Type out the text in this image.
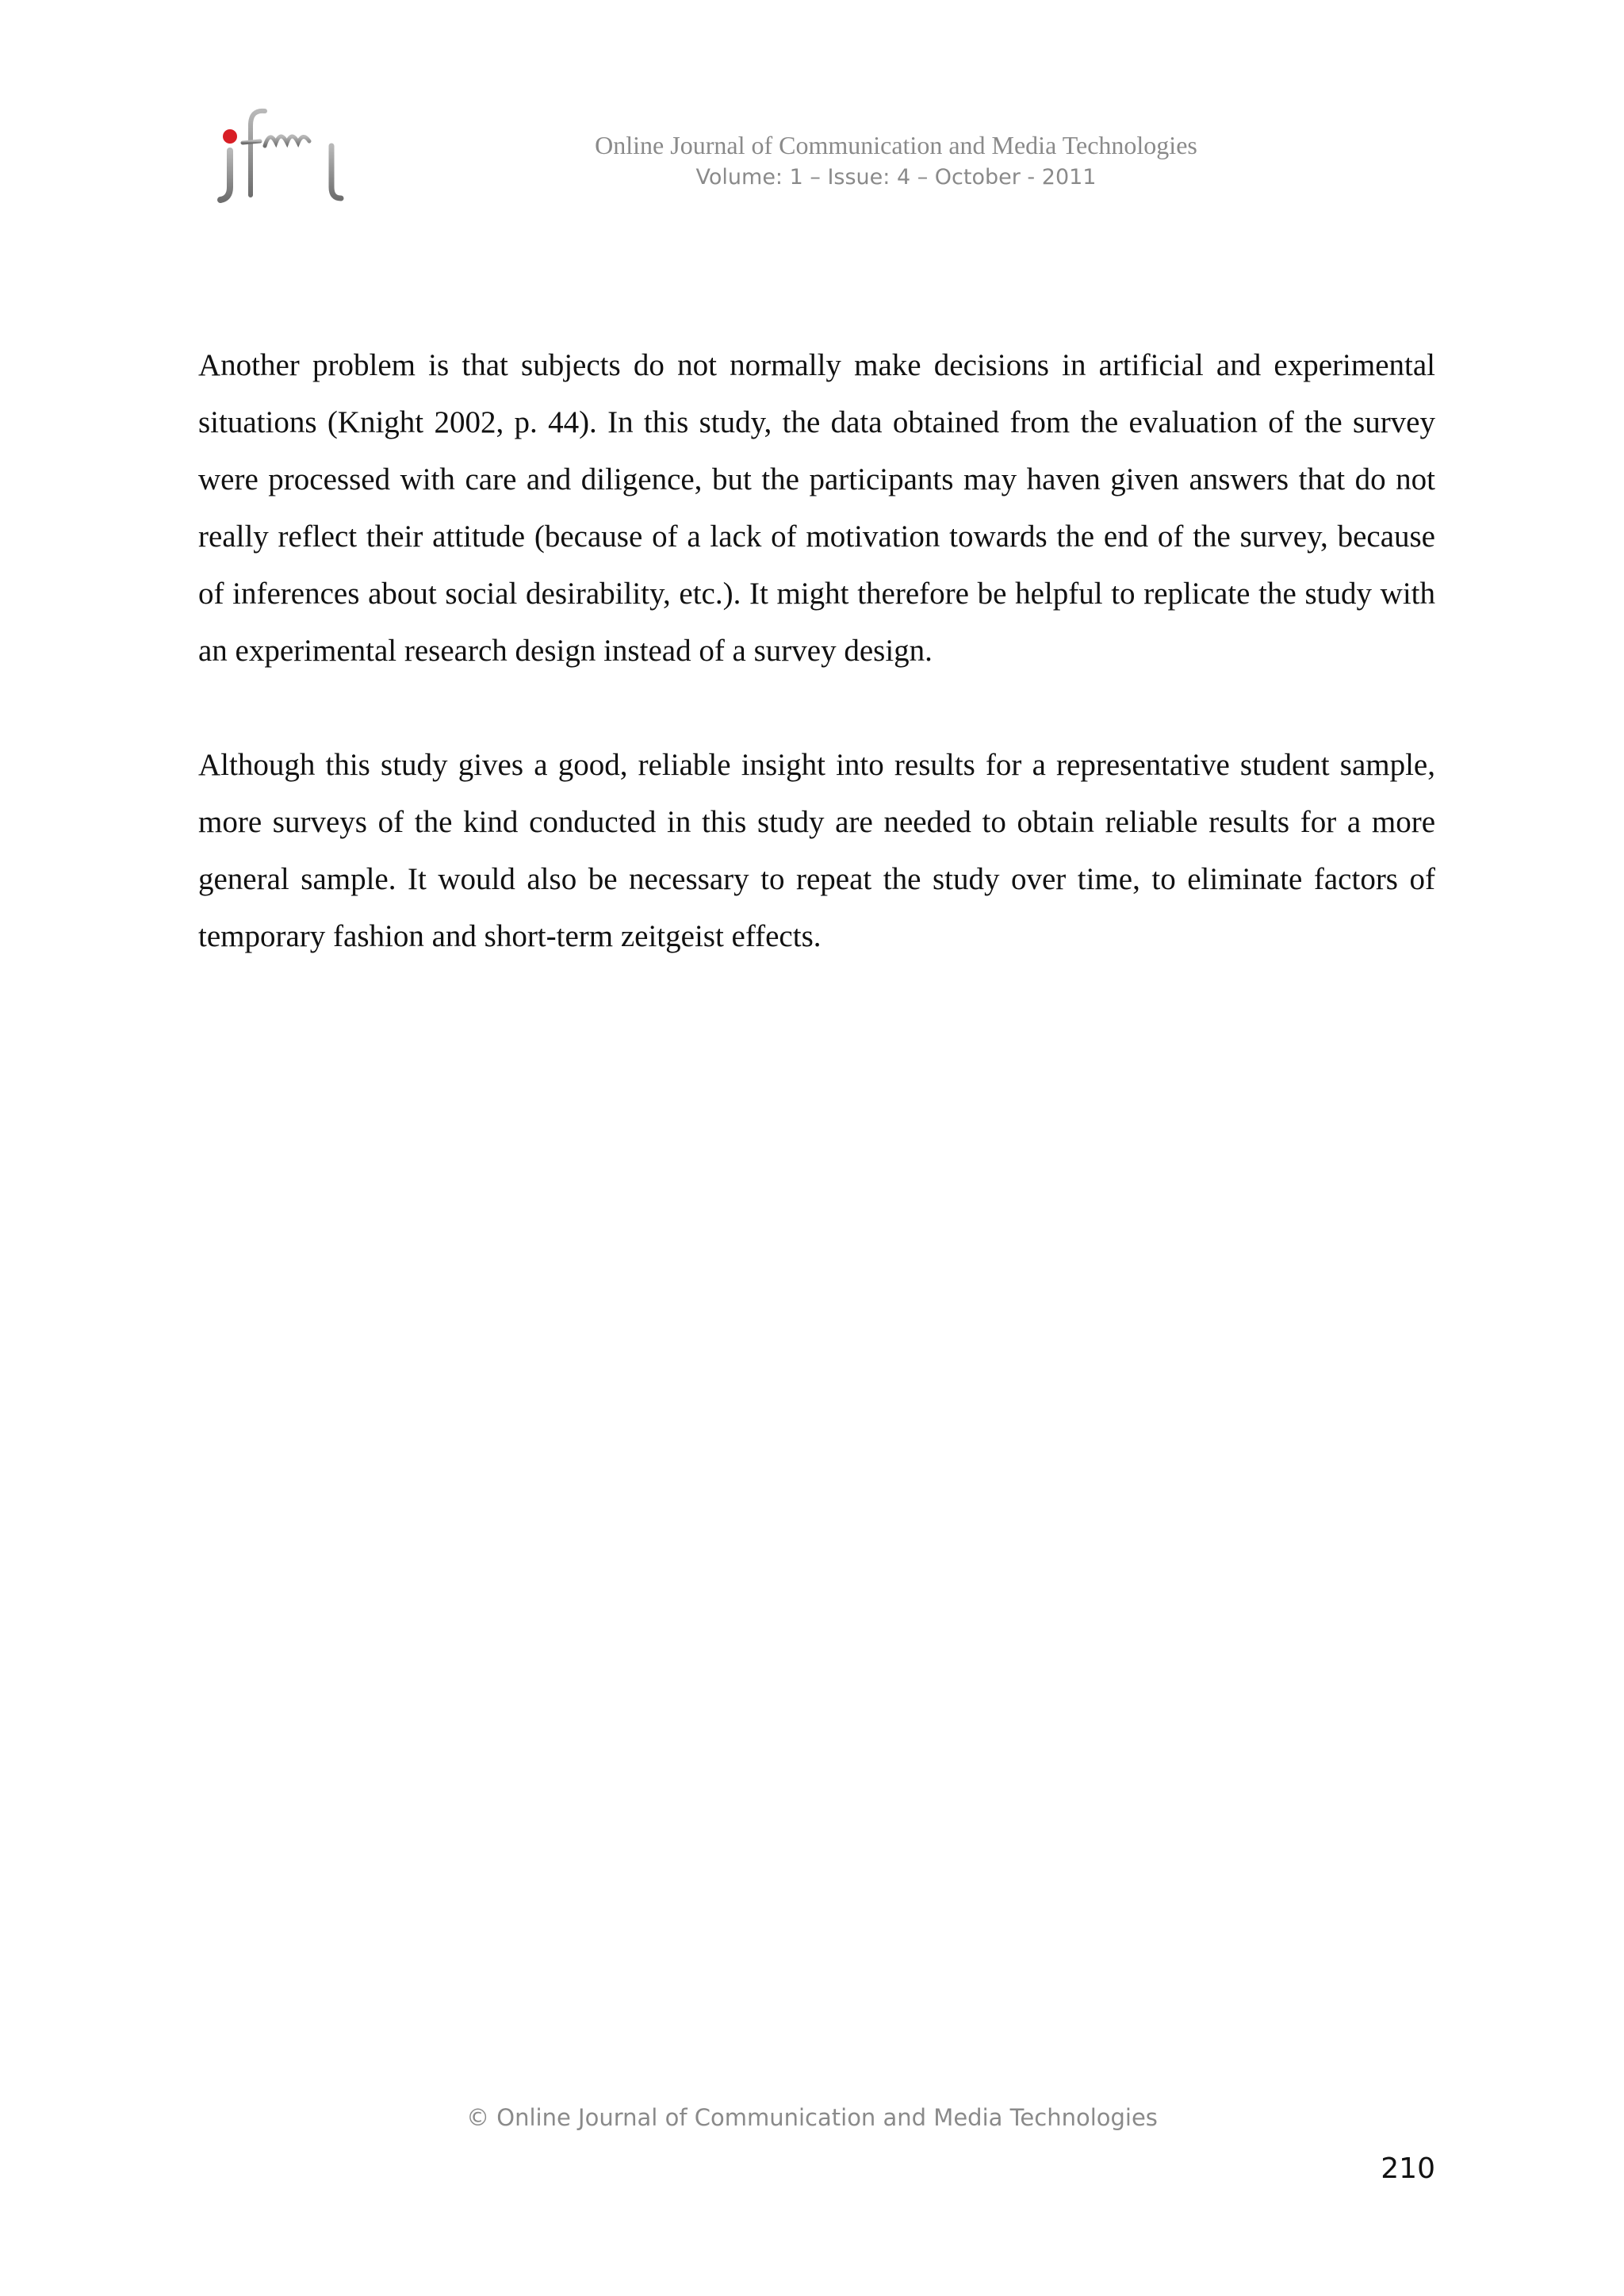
Online Journal of Communication and Media Technologies
Volume: 1 – Issue: 4 – October - 2011

Another problem is that subjects do not normally make decisions in artificial and experimental situations (Knight 2002, p. 44). In this study, the data obtained from the evaluation of the survey were processed with care and diligence, but the participants may haven given answers that do not really reflect their attitude (because of a lack of motivation towards the end of the survey, because of inferences about social desirability, etc.). It might therefore be helpful to replicate the study with an experimental research design instead of a survey design.

Although this study gives a good, reliable insight into results for a representative student sample, more surveys of the kind conducted in this study are needed to obtain reliable results for a more general sample. It would also be necessary to repeat the study over time, to eliminate factors of temporary fashion and short-term zeitgeist effects.

© Online Journal of Communication and Media Technologies
210
